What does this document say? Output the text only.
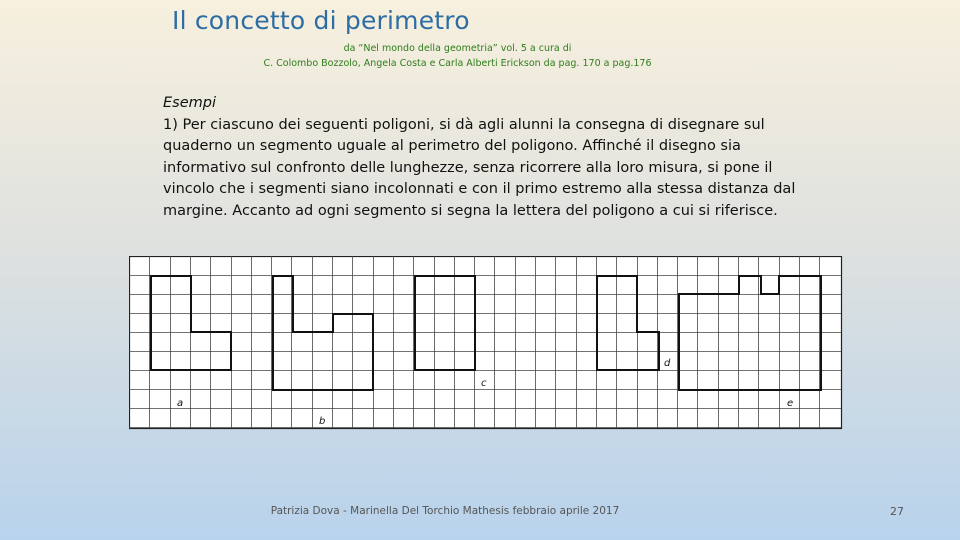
Il concetto di perimetro
da “Nel mondo della geometria” vol. 5 a cura di
C. Colombo Bozzolo, Angela Costa e Carla Alberti Erickson da pag. 170 a pag.176
Esempi
1) Per ciascuno dei seguenti poligoni, si dà agli alunni la consegna di disegnare sul quaderno un segmento uguale al perimetro del poligono. Affinché il disegno sia informativo sul confronto delle lunghezze, senza ricorrere alla loro misura, si pone il vincolo che i segmenti siano incolonnati e con il primo estremo alla stessa distanza dal margine. Accanto ad ogni segmento si segna la lettera del poligono a cui si riferisce.
a
b
c
d
e
Patrizia Dova - Marinella Del Torchio Mathesis febbraio aprile 2017	27
